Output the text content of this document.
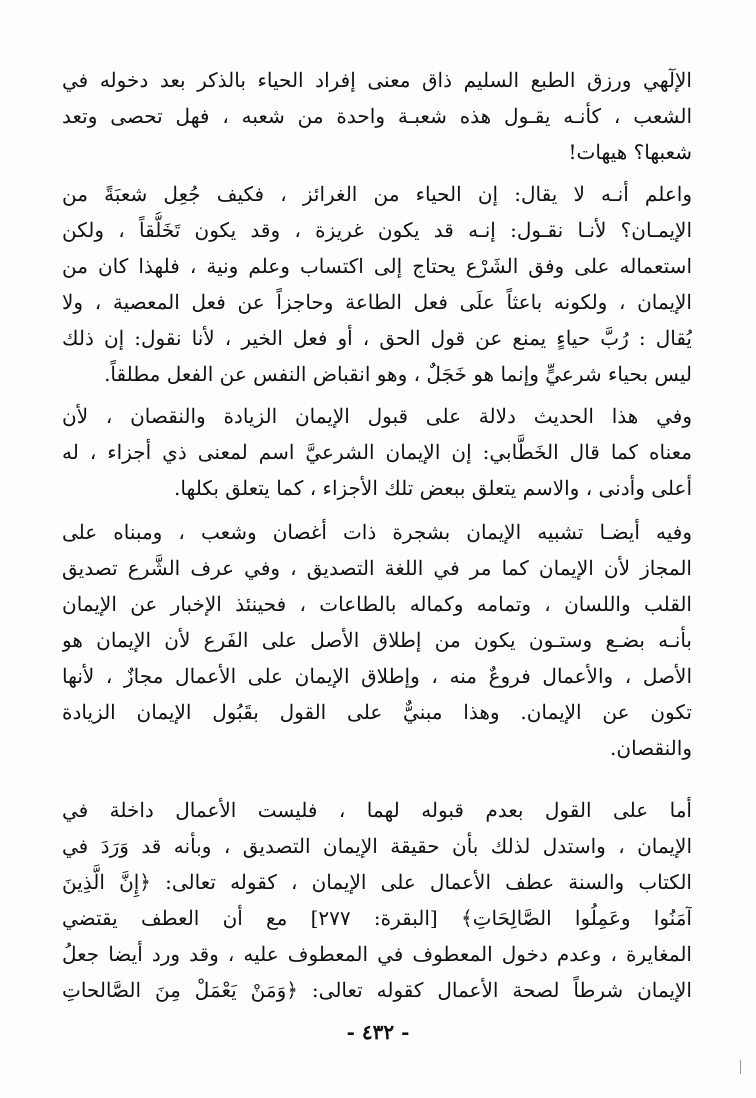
الإلٓهي ورزق الطبع السليم ذاق معنى إفراد الحياء بالذكر بعد دخوله في
الشعب ، كأنـه يقـول هذه شعبـة واحدة من شعبه ، فهل تحصى وتعد
شعبها؟ هيهات!
واعلم أنـه لا يقال: إن الحياء من الغرائز ، فكيف جُعِل شعبَةً من
الإيمـان؟ لأنـا نقـول: إنـه قد يكون غريزة ، وقد يكون تَخَلُّقاً ، ولكن
استعماله على وفق الشَرْع يحتاج إلى اكتساب وعلم ونية ، فلهذا كان من
الإيمان ، ولكونه باعثاً علَى فعل الطاعة وحاجزاً عن فعل المعصية ، ولا
يُقال : رُبَّ حياءٍ يمنع عن قول الحق ، أو فعل الخير ، لأنا نقول: إن ذلك
ليس بحياء شرعيٍّ وإنما هو خَجَلٌ ، وهو انقباض النفس عن الفعل مطلقاً.
وفي هذا الحديث دلالة على قبول الإيمان الزيادة والنقصان ، لأن
معناه كما قال الخَطَّابي: إن الإيمان الشرعيَّ اسم لمعنى ذي أجزاء ، له
أعلى وأدنى ، والاسم يتعلق ببعض تلك الأجزاء ، كما يتعلق بكلها.
وفيه أيضـا تشبيه الإيمان بشجرة ذات أغصان وشعب ، ومبناه على
المجاز لأن الإيمان كما مر في اللغة التصديق ، وفي عرف الشَّرع تصديق
القلب واللسان ، وتمامه وكماله بالطاعات ، فحينئذ الإخبار عن الإيمان
بأنـه بضـع وستـون يكون من إطلاق الأصل على الفَرع لأن الإيمان هو
الأصل ، والأعمال فروعٌ منه ، وإطلاق الإيمان على الأعمال مجازٌ ، لأنها
تكون عن الإيمان. وهذا مبنيٌّ على القول بقَبُول الإيمان الزيادة
والنقصان.
أما على القول بعدم قبوله لهما ، فليست الأعمال داخلة في
الإيمان ، واستدل لذلك بأن حقيقة الإيمان التصديق ، وبأنه قد وَرَدَ في
الكتاب والسنة عطف الأعمال على الإيمان ، كقوله تعالى: ﴿إِنَّ الَّذِينَ
آمَنُوا وعَمِلُوا الصَّالِحَاتِ﴾ [البقرة: ٢٧٧] مع أن العطف يقتضي
المغايرة ، وعدم دخول المعطوف في المعطوف عليه ، وقد ورد أيضا جعلُ
الإيمان شرطاً لصحة الأعمال كقوله تعالى: ﴿وَمَنْ يَعْمَلْ مِنَ الصَّالحاتِ
- ٤٣٢ -
